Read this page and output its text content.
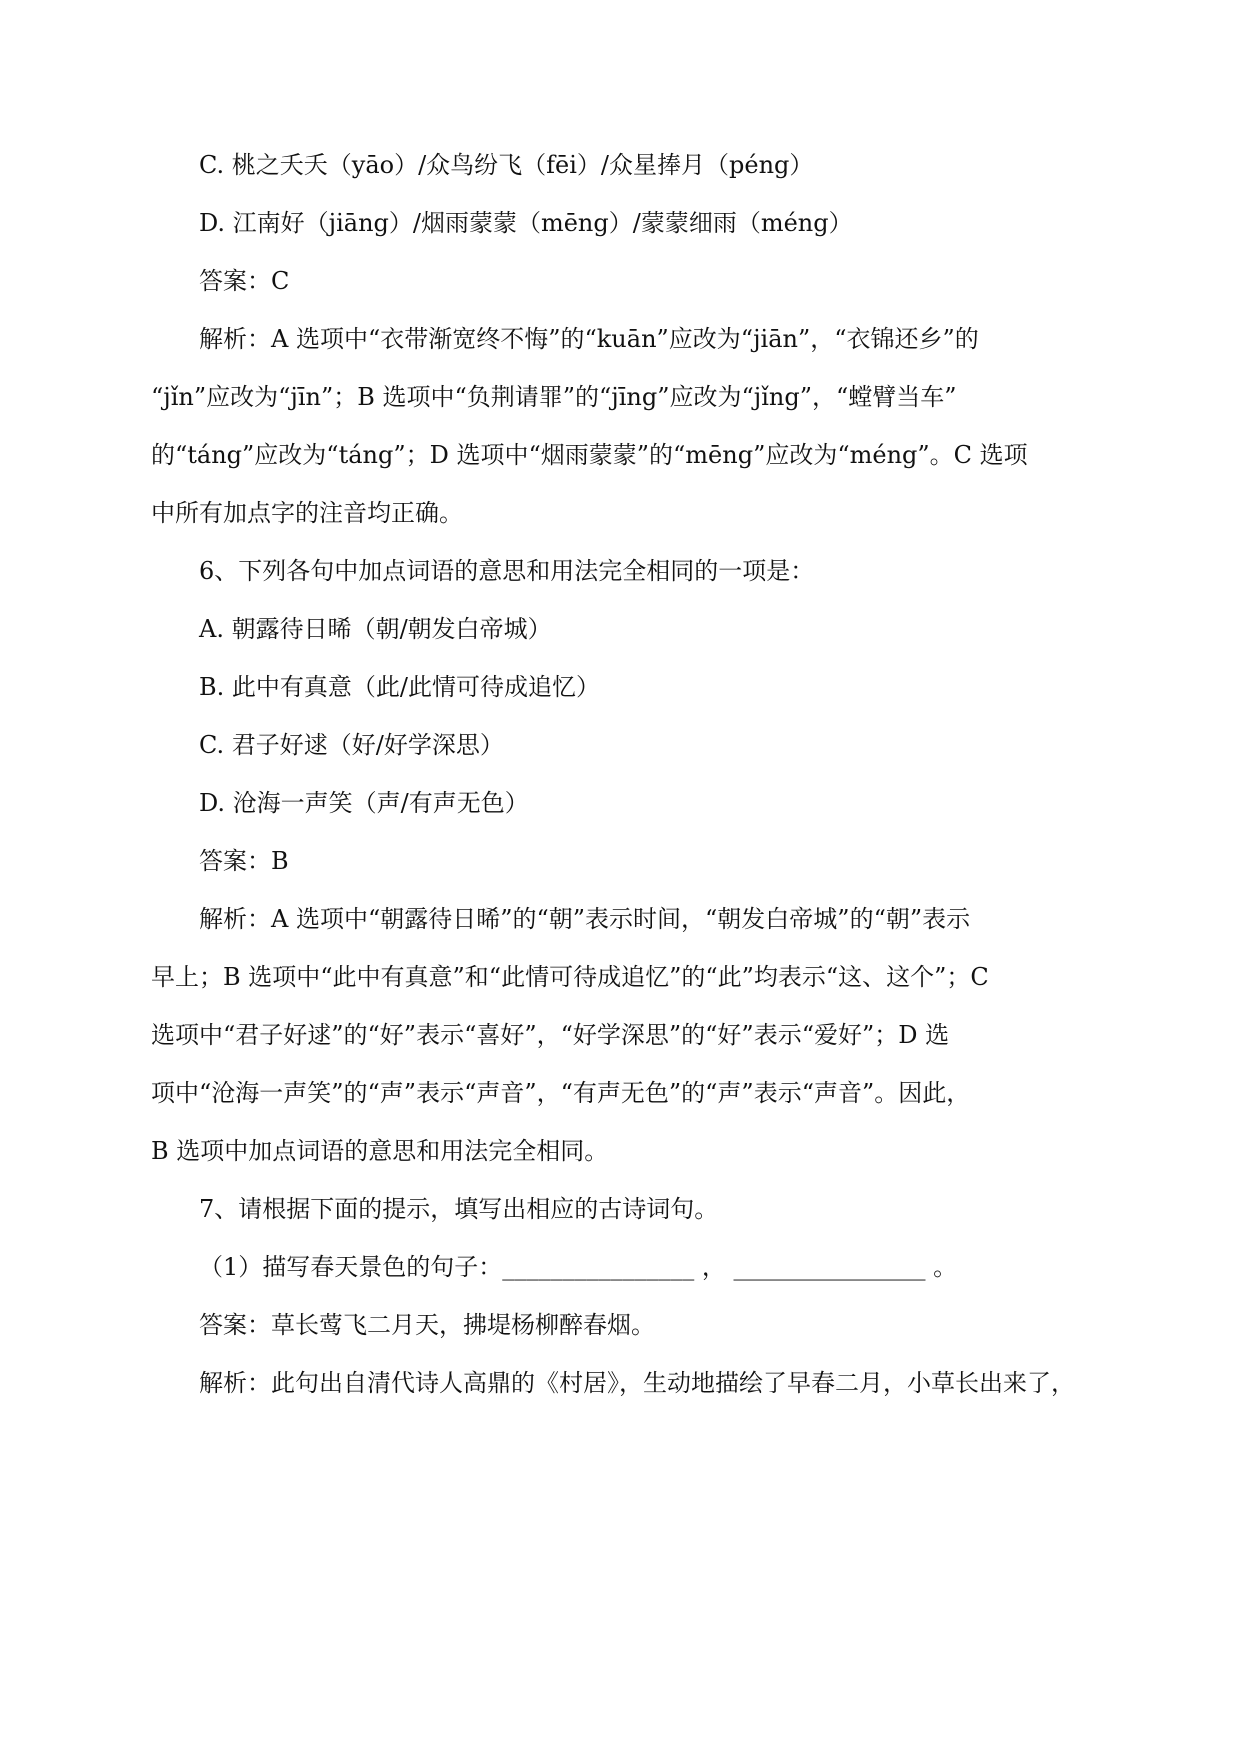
C. 桃之夭夭（yāo）/众鸟纷飞（fēi）/众星捧月（péng）
D. 江南好（jiāng）/烟雨蒙蒙（mēng）/蒙蒙细雨（méng）
答案：C
解析：A 选项中“衣带渐宽终不悔”的“kuān”应改为“jiān”，“衣锦还乡”的
“jǐn”应改为“jīn”；B 选项中“负荆请罪”的“jīng”应改为“jǐng”，“螳臂当车”
的“táng”应改为“táng”；D 选项中“烟雨蒙蒙”的“mēng”应改为“méng”。C 选项
中所有加点字的注音均正确。
6、下列各句中加点词语的意思和用法完全相同的一项是：
A. 朝露待日晞（朝/朝发白帝城）
B. 此中有真意（此/此情可待成追忆）
C. 君子好逑（好/好学深思）
D. 沧海一声笑（声/有声无色）
答案：B
解析：A 选项中“朝露待日晞”的“朝”表示时间，“朝发白帝城”的“朝”表示
早上；B 选项中“此中有真意”和“此情可待成追忆”的“此”均表示“这、这个”；C
选项中“君子好逑”的“好”表示“喜好”，“好学深思”的“好”表示“爱好”；D 选
项中“沧海一声笑”的“声”表示“声音”，“有声无色”的“声”表示“声音”。因此，
B 选项中加点词语的意思和用法完全相同。
7、请根据下面的提示，填写出相应的古诗词句。
（1）描写春天景色的句子：________________ ， ________________ 。
答案：草长莺飞二月天，拂堤杨柳醉春烟。
解析：此句出自清代诗人高鼎的《村居》，生动地描绘了早春二月，小草长出来了，
